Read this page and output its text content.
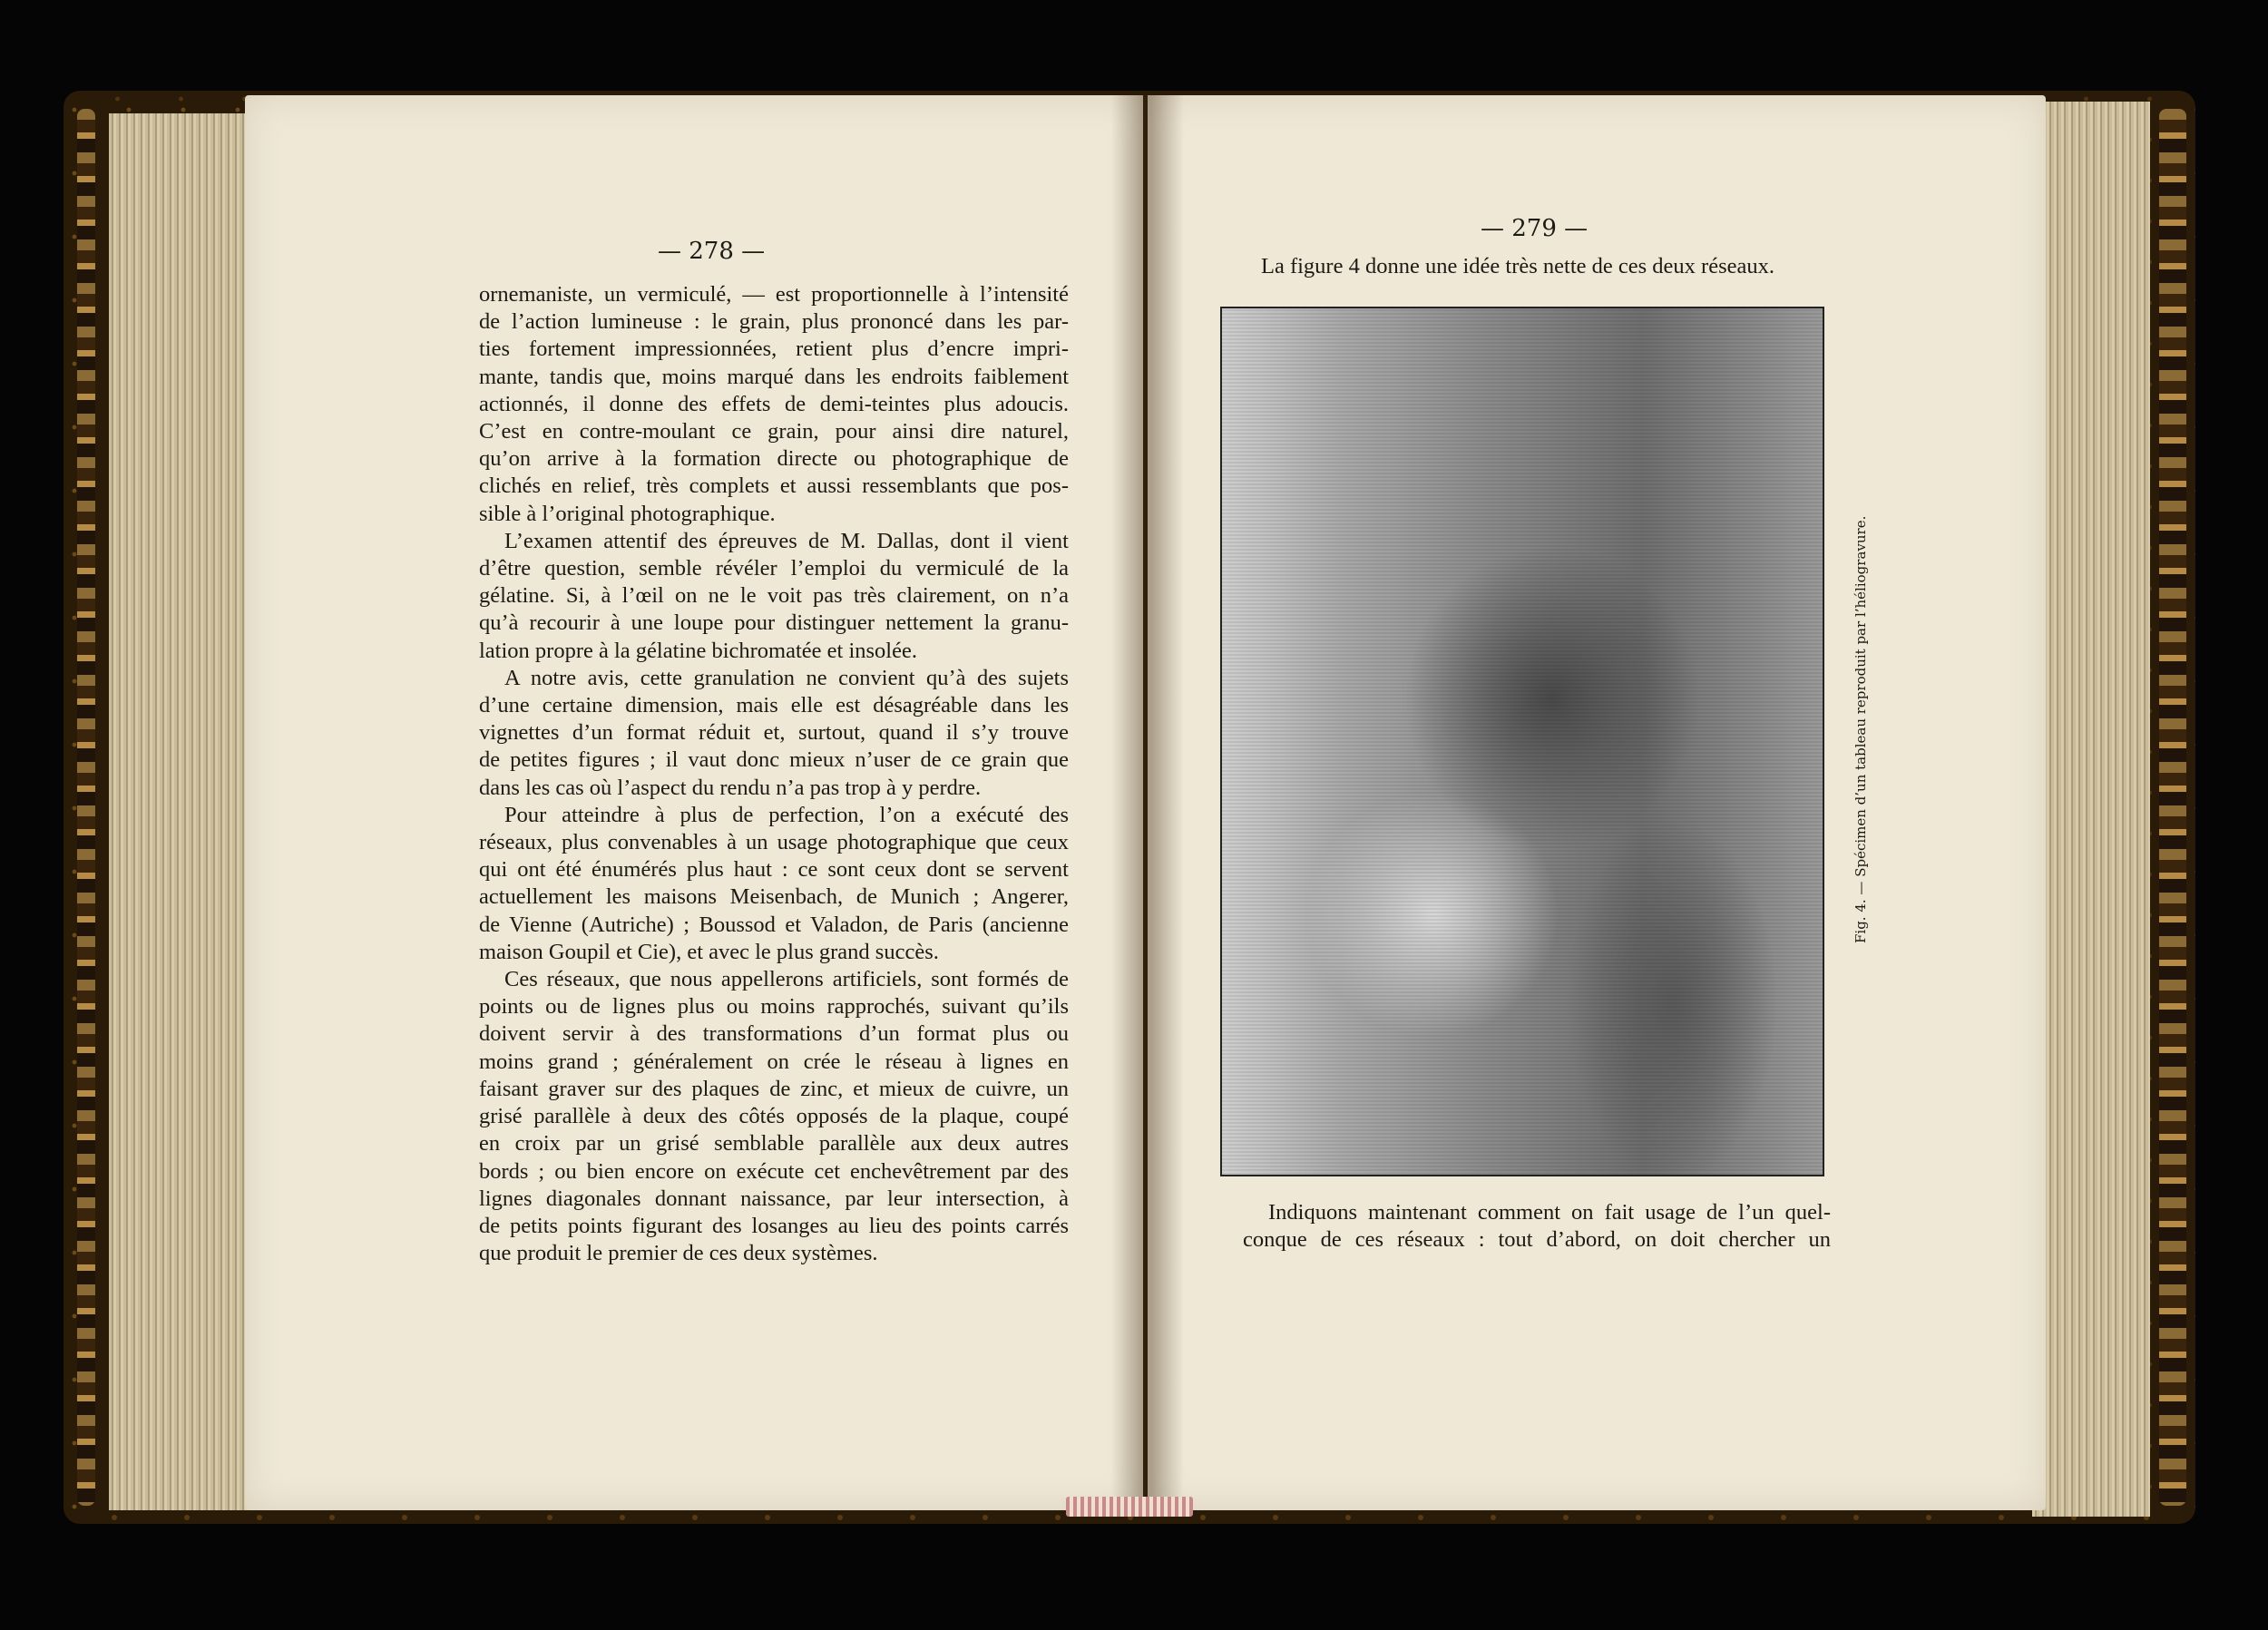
— 278 —
ornemaniste, un vermiculé, — est proportionnelle à l’intensité
de l’action lumineuse : le grain, plus prononcé dans les par-
ties fortement impressionnées, retient plus d’encre impri-
mante, tandis que, moins marqué dans les endroits faiblement
actionnés, il donne des effets de demi-teintes plus adoucis.
C’est en contre-moulant ce grain, pour ainsi dire naturel,
qu’on arrive à la formation directe ou photographique de
clichés en relief, très complets et aussi ressemblants que pos-
sible à l’original photographique.
L’examen attentif des épreuves de M. Dallas, dont il vient
d’être question, semble révéler l’emploi du vermiculé de la
gélatine. Si, à l’œil on ne le voit pas très clairement, on n’a
qu’à recourir à une loupe pour distinguer nettement la granu-
lation propre à la gélatine bichromatée et insolée.
A notre avis, cette granulation ne convient qu’à des sujets
d’une certaine dimension, mais elle est désagréable dans les
vignettes d’un format réduit et, surtout, quand il s’y trouve
de petites figures ; il vaut donc mieux n’user de ce grain que
dans les cas où l’aspect du rendu n’a pas trop à y perdre.
Pour atteindre à plus de perfection, l’on a exécuté des
réseaux, plus convenables à un usage photographique que ceux
qui ont été énumérés plus haut : ce sont ceux dont se servent
actuellement les maisons Meisenbach, de Munich ; Angerer,
de Vienne (Autriche) ; Boussod et Valadon, de Paris (ancienne
maison Goupil et Cie), et avec le plus grand succès.
Ces réseaux, que nous appellerons artificiels, sont formés de
points ou de lignes plus ou moins rapprochés, suivant qu’ils
doivent servir à des transformations d’un format plus ou
moins grand ; généralement on crée le réseau à lignes en
faisant graver sur des plaques de zinc, et mieux de cuivre, un
grisé parallèle à deux des côtés opposés de la plaque, coupé
en croix par un grisé semblable parallèle aux deux autres
bords ; ou bien encore on exécute cet enchevêtrement par des
lignes diagonales donnant naissance, par leur intersection, à
de petits points figurant des losanges au lieu des points carrés
que produit le premier de ces deux systèmes.
— 279 —
La figure 4 donne une idée très nette de ces deux réseaux.
Fig. 4. — Spécimen d’un tableau reproduit par l’héliogravure.
Indiquons maintenant comment on fait usage de l’un quel-
conque de ces réseaux : tout d’abord, on doit chercher un
